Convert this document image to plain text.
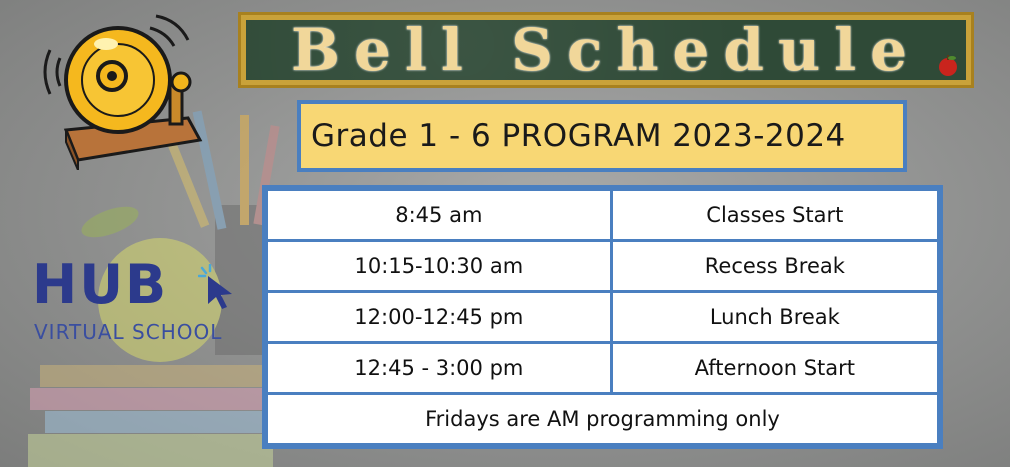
Bell Schedule
Grade 1 - 6 PROGRAM 2023-2024
8:45 am	Classes Start
10:15-10:30 am	Recess Break
12:00-12:45 pm	Lunch Break
12:45 - 3:00 pm	Afternoon Start
Fridays are AM programming only	
HUB
VIRTUAL SCHOOL
